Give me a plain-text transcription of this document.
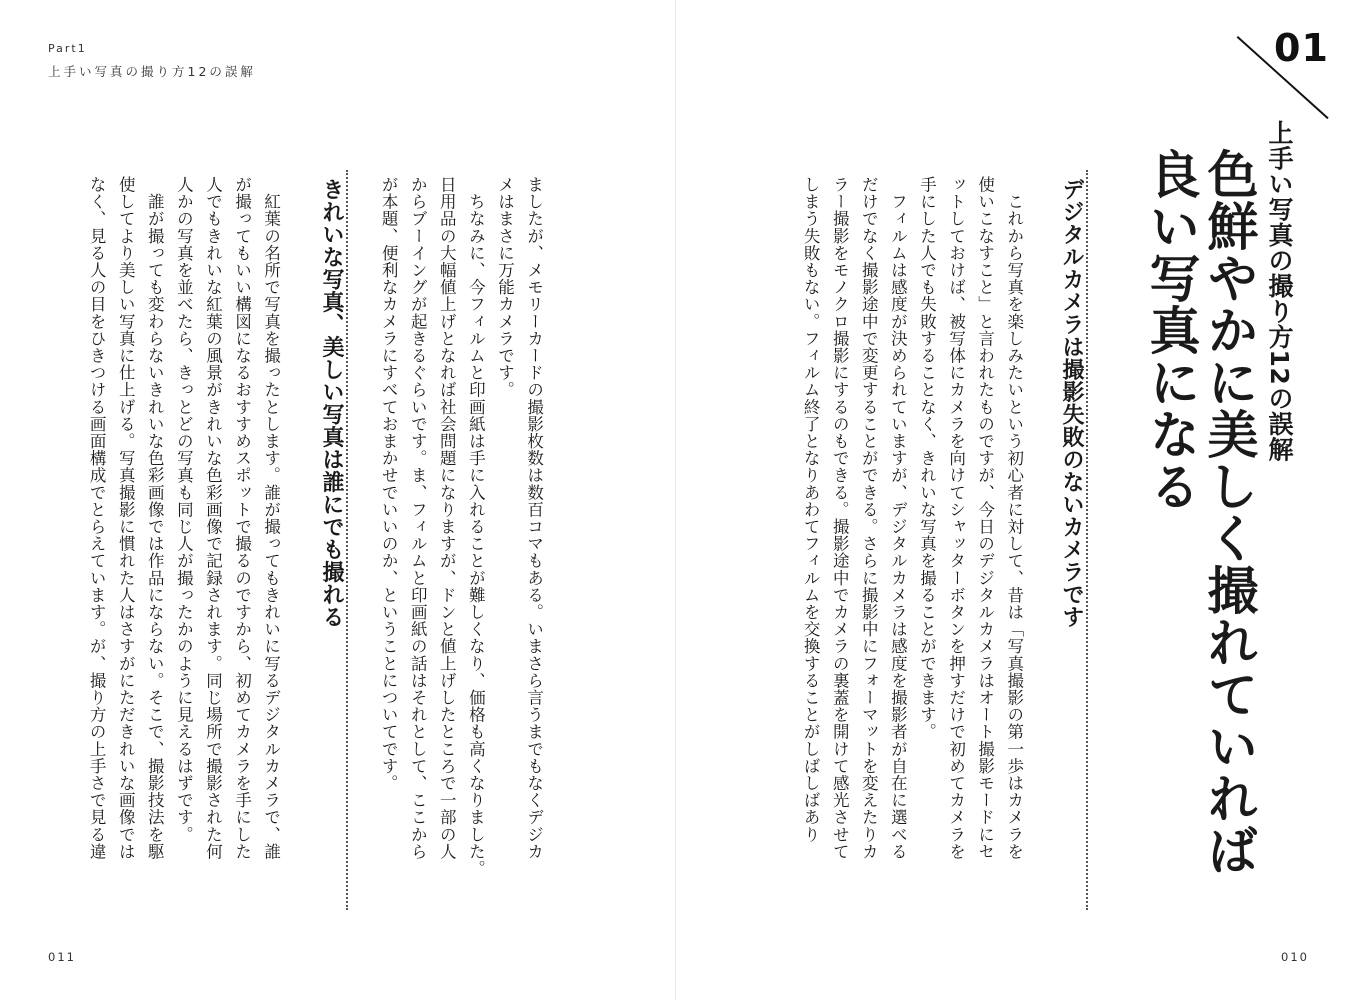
Part1
上手い写真の撮り方12の誤解
01
上手い写真の撮り方12の誤解
色鮮やかに美しく撮れていれば
良い写真になる
デジタルカメラは撮影失敗のないカメラです
　これから写真を楽しみたいという初心者に対して、昔は「写真撮影の第一歩はカメラを
使いこなすこと」と言われたものですが、今日のデジタルカメラはオート撮影モードにセ
ットしておけば、被写体にカメラを向けてシャッターボタンを押すだけで初めてカメラを
手にした人でも失敗することなく、きれいな写真を撮ることができます。
　フィルムは感度が決められていますが、デジタルカメラは感度を撮影者が自在に選べる
だけでなく撮影途中で変更することができる。さらに撮影中にフォーマットを変えたりカ
ラー撮影をモノクロ撮影にするのもできる。撮影途中でカメラの裏蓋を開けて感光させて
しまう失敗もない。フィルム終了となりあわてフィルムを交換することがしばしばあり
ましたが、メモリーカードの撮影枚数は数百コマもある。いまさら言うまでもなくデジカ
メはまさに万能カメラです。
　ちなみに、今フィルムと印画紙は手に入れることが難しくなり、価格も高くなりました。
日用品の大幅値上げとなれば社会問題になりますが、ドンと値上げしたところで一部の人
からブーイングが起きるぐらいです。ま、フィルムと印画紙の話はそれとして、ここから
が本題、便利なカメラにすべておまかせでいいのか、ということについてです。
きれいな写真、美しい写真は誰にでも撮れる
　紅葉の名所で写真を撮ったとします。誰が撮ってもきれいに写るデジタルカメラで、誰
が撮ってもいい構図になるおすすめスポットで撮るのですから、初めてカメラを手にした
人でもきれいな紅葉の風景がきれいな色彩画像で記録されます。同じ場所で撮影された何
人かの写真を並べたら、きっとどの写真も同じ人が撮ったかのように見えるはずです。
　誰が撮っても変わらないきれいな色彩画像では作品にならない。そこで、撮影技法を駆
使してより美しい写真に仕上げる。写真撮影に慣れた人はさすがにただきれいな画像では
なく、見る人の目をひきつける画面構成でとらえています。が、撮り方の上手さで見る違
011	010
